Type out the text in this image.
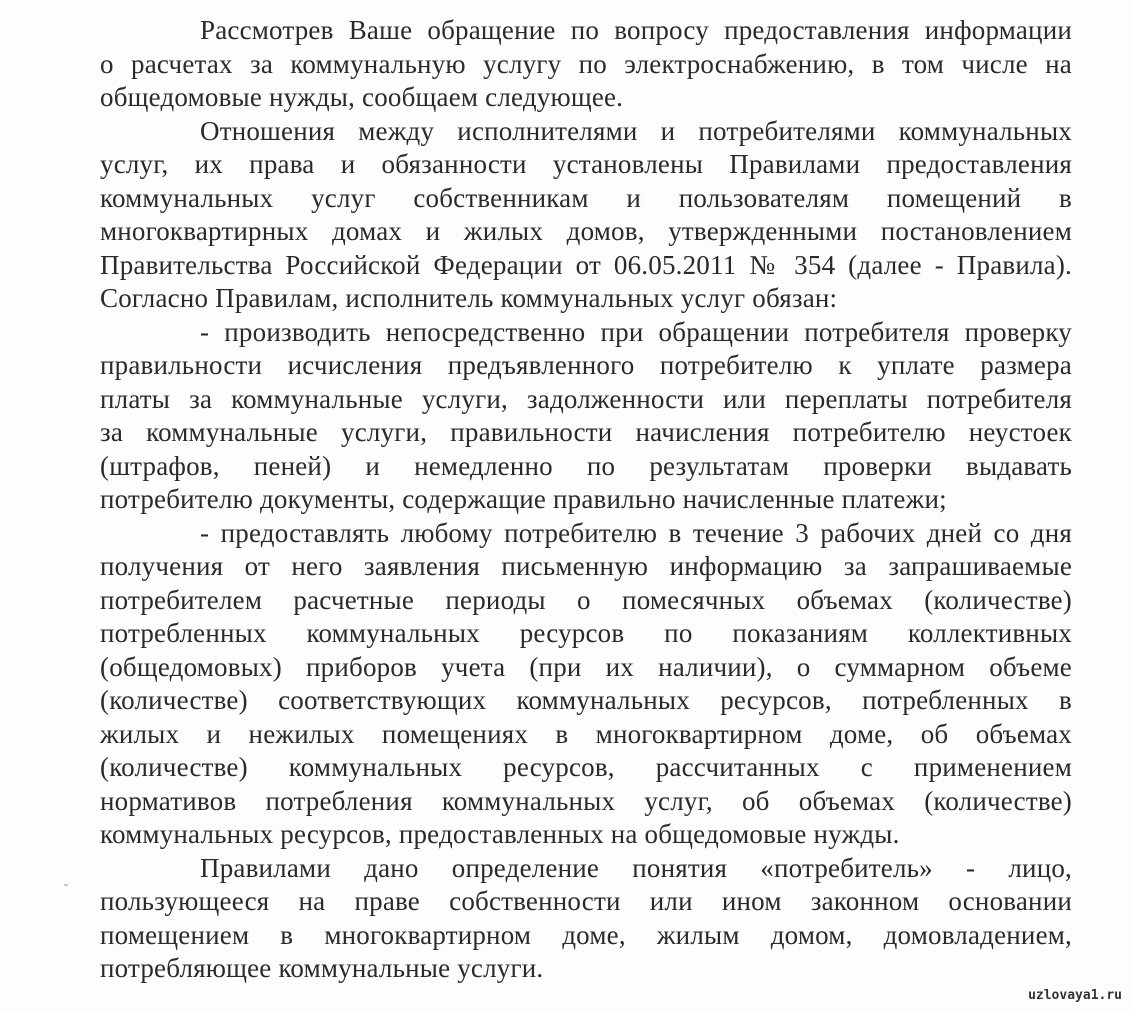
Рассмотрев Ваше обращение по вопросу предоставления информации
о расчетах за коммунальную услугу по электроснабжению, в том числе на
общедомовые нужды, сообщаем следующее.
Отношения между исполнителями и потребителями коммунальных
услуг, их права и обязанности установлены Правилами предоставления
коммунальных услуг собственникам и пользователям помещений в
многоквартирных домах и жилых домов, утвержденными постановлением
Правительства Российской Федерации от 06.05.2011 № 354 (далее - Правила).
Согласно Правилам, исполнитель коммунальных услуг обязан:
- производить непосредственно при обращении потребителя проверку
правильности исчисления предъявленного потребителю к уплате размера
платы за коммунальные услуги, задолженности или переплаты потребителя
за коммунальные услуги, правильности начисления потребителю неустоек
(штрафов, пеней) и немедленно по результатам проверки выдавать
потребителю документы, содержащие правильно начисленные платежи;
- предоставлять любому потребителю в течение 3 рабочих дней со дня
получения от него заявления письменную информацию за запрашиваемые
потребителем расчетные периоды о помесячных объемах (количестве)
потребленных коммунальных ресурсов по показаниям коллективных
(общедомовых) приборов учета (при их наличии), о суммарном объеме
(количестве) соответствующих коммунальных ресурсов, потребленных в
жилых и нежилых помещениях в многоквартирном доме, об объемах
(количестве) коммунальных ресурсов, рассчитанных с применением
нормативов потребления коммунальных услуг, об объемах (количестве)
коммунальных ресурсов, предоставленных на общедомовые нужды.
Правилами дано определение понятия «потребитель» - лицо,
пользующееся на праве собственности или ином законном основании
помещением в многоквартирном доме, жилым домом, домовладением,
потребляющее коммунальные услуги.
uzlovaya1.ru
